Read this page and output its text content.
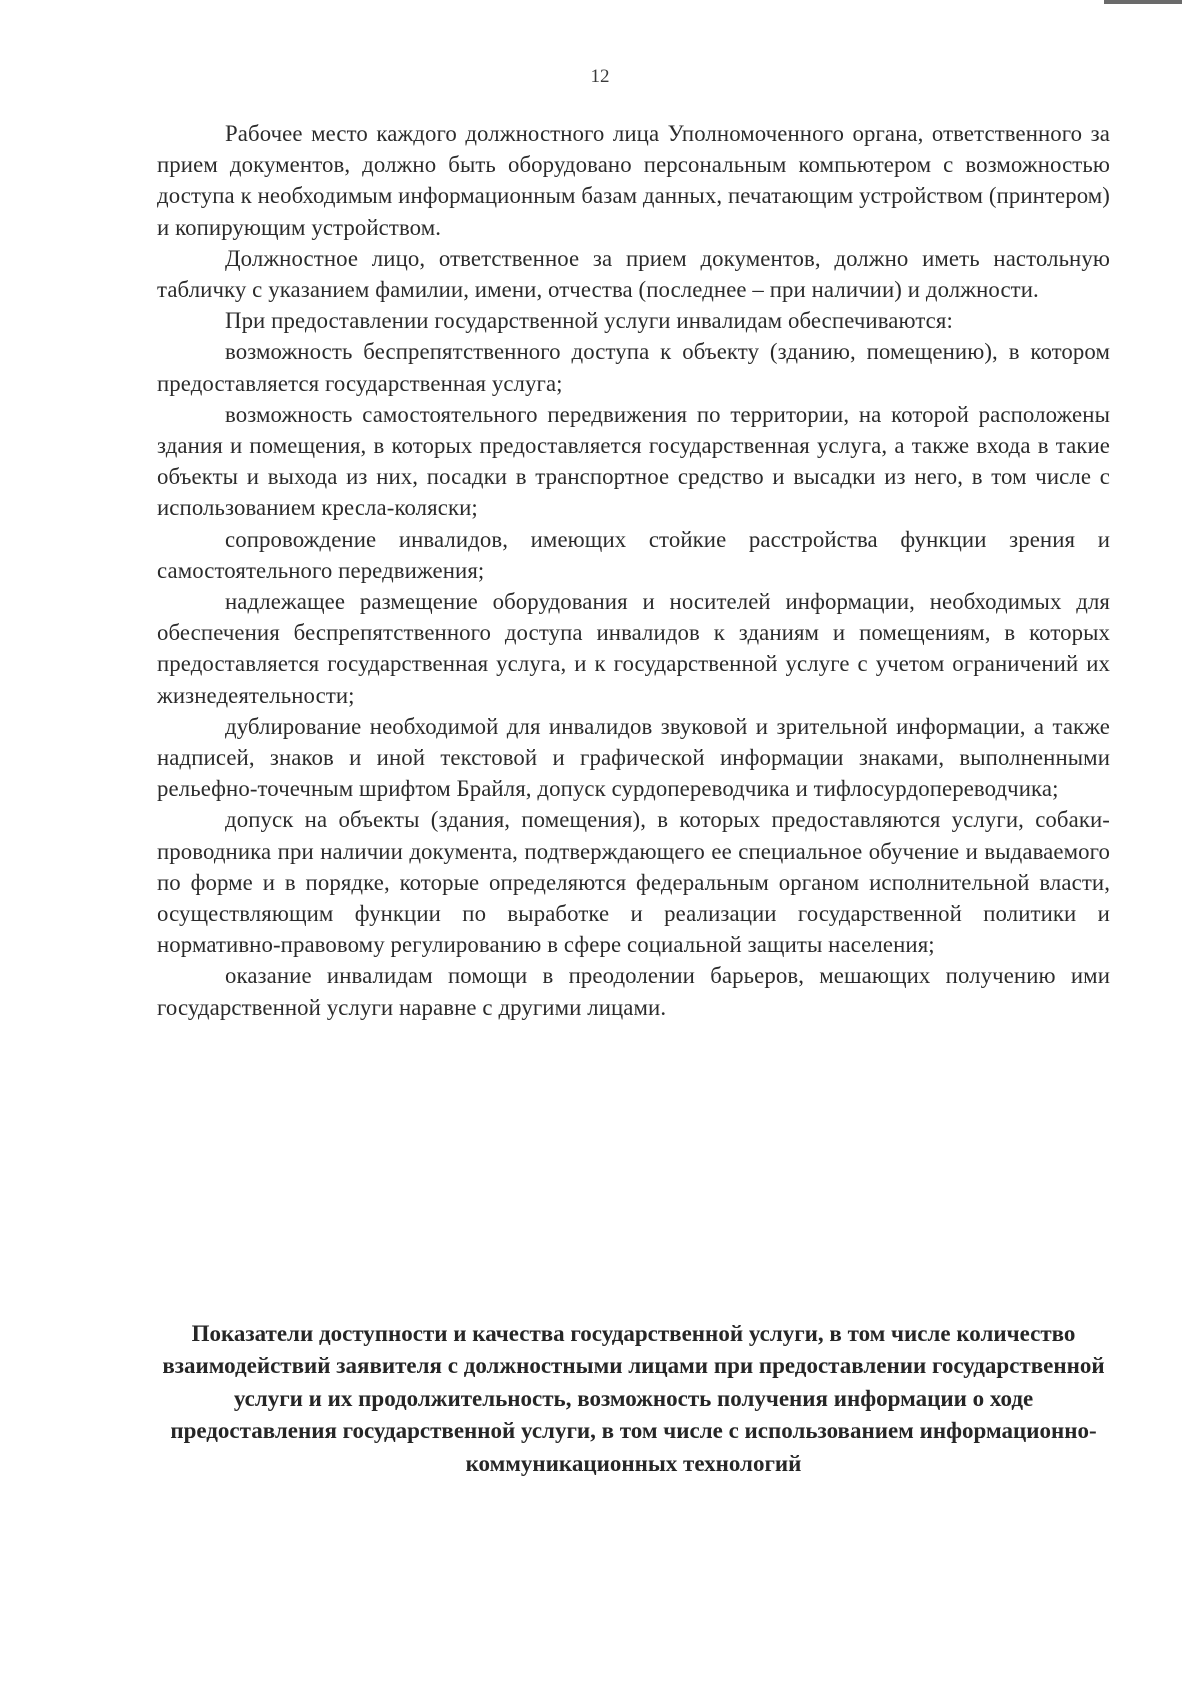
12

Рабочее место каждого должностного лица Уполномоченного органа, ответственного за прием документов, должно быть оборудовано персональным компьютером с возможностью доступа к необходимым информационным базам данных, печатающим устройством (принтером) и копирующим устройством.

Должностное лицо, ответственное за прием документов, должно иметь настольную табличку с указанием фамилии, имени, отчества (последнее – при наличии) и должности.

При предоставлении государственной услуги инвалидам обеспечиваются:

возможность беспрепятственного доступа к объекту (зданию, помещению), в котором предоставляется государственная услуга;

возможность самостоятельного передвижения по территории, на которой расположены здания и помещения, в которых предоставляется государственная услуга, а также входа в такие объекты и выхода из них, посадки в транспортное средство и высадки из него, в том числе с использованием кресла-коляски;

сопровождение инвалидов, имеющих стойкие расстройства функции зрения и самостоятельного передвижения;

надлежащее размещение оборудования и носителей информации, необходимых для обеспечения беспрепятственного доступа инвалидов к зданиям и помещениям, в которых предоставляется государственная услуга, и к государственной услуге с учетом ограничений их жизнедеятельности;

дублирование необходимой для инвалидов звуковой и зрительной информации, а также надписей, знаков и иной текстовой и графической информации знаками, выполненными рельефно-точечным шрифтом Брайля, допуск сурдопереводчика и тифлосурдопереводчика;

допуск на объекты (здания, помещения), в которых предоставляются услуги, собаки-проводника при наличии документа, подтверждающего ее специальное обучение и выдаваемого по форме и в порядке, которые определяются федеральным органом исполнительной власти, осуществляющим функции по выработке и реализации государственной политики и нормативно-правовому регулированию в сфере социальной защиты населения;

оказание инвалидам помощи в преодолении барьеров, мешающих получению ими государственной услуги наравне с другими лицами.

Показатели доступности и качества государственной услуги, в том числе количество взаимодействий заявителя с должностными лицами при предоставлении государственной услуги и их продолжительность, возможность получения информации о ходе предоставления государственной услуги, в том числе с использованием информационно-коммуникационных технологий
